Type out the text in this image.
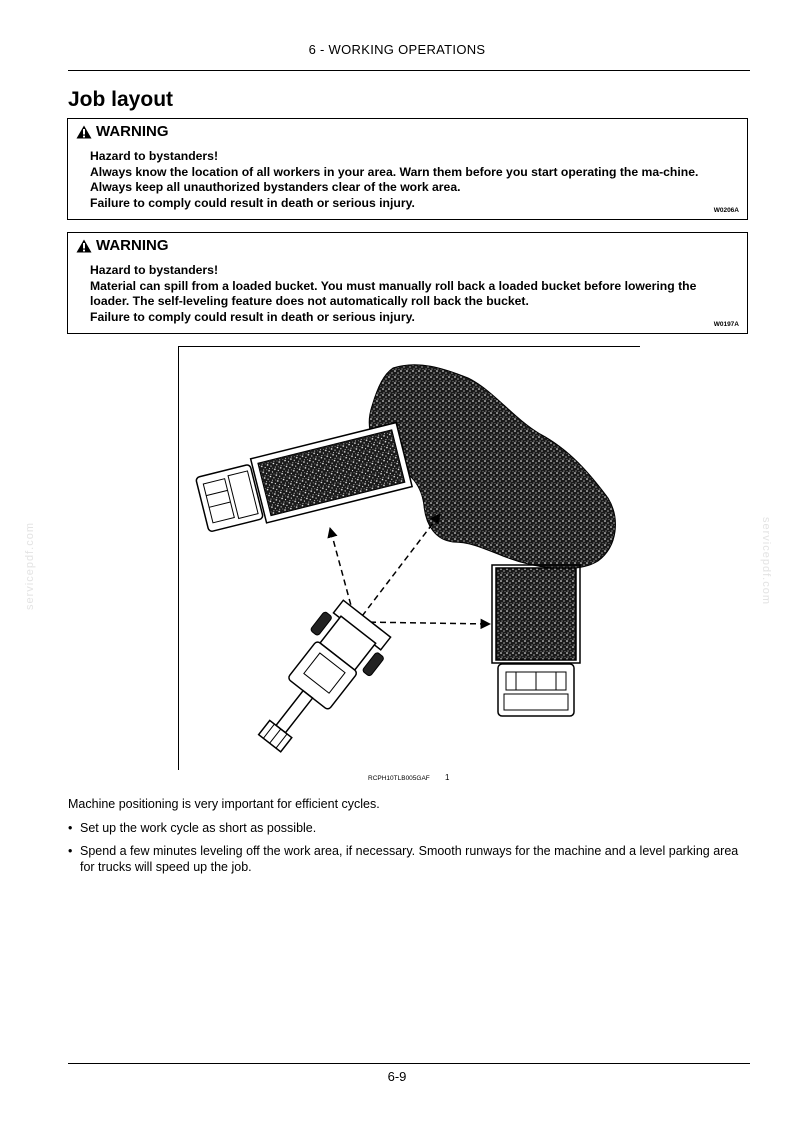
6 - WORKING OPERATIONS
Job layout
WARNING

Hazard to bystanders!

Always know the location of all workers in your area. Warn them before you start operating the ma-chine. Always keep all unauthorized bystanders clear of the work area.

Failure to comply could result in death or serious injury.

W0206A
WARNING

Hazard to bystanders!

Material can spill from a loaded bucket. You must manually roll back a loaded bucket before lowering the loader. The self-leveling feature does not automatically roll back the bucket.

Failure to comply could result in death or serious injury.

W0197A
RCPH10TLB005GAF 1
Machine positioning is very important for efficient cycles.
• Set up the work cycle as short as possible.
• Spend a few minutes leveling off the work area, if necessary. Smooth runways for the machine and a level parking area for trucks will speed up the job.
servicepdf.com	servicepdf.com
6-9
